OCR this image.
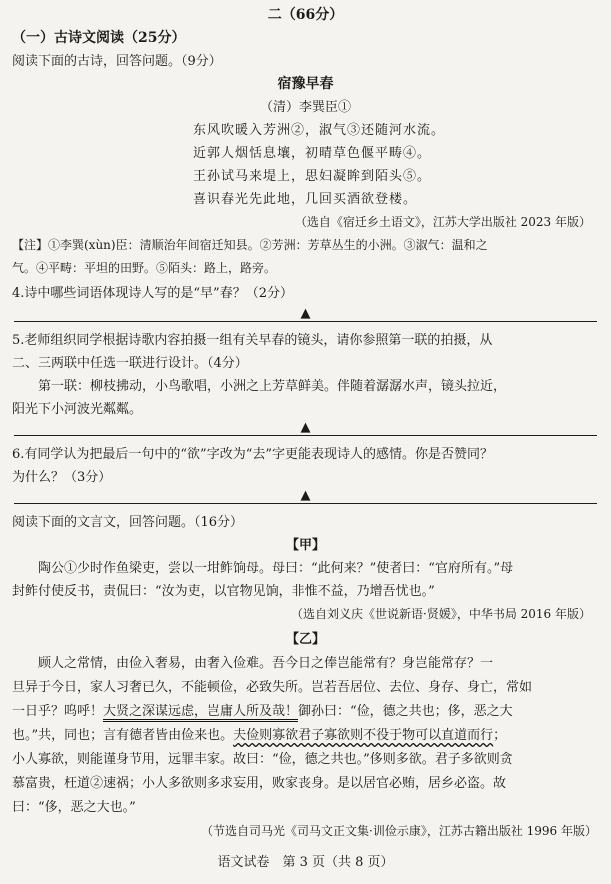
二（66分）
（一）古诗文阅读（25分）
阅读下面的古诗，回答问题。（9分）
宿豫早春
（清）李巽臣①
东风吹暖入芳洲②，淑气③还随河水流。
近郭人烟恬息壤，初晴草色偃平畴④。
王孙试马来堤上，思妇凝眸到陌头⑤。
喜识春光先此地，几回买酒欲登楼。
（选自《宿迁乡土语文》，江苏大学出版社 2023 年版）
【注】①李巽(xùn)臣：清顺治年间宿迁知县。②芳洲：芳草丛生的小洲。③淑气：温和之
气。④平畴：平坦的田野。⑤陌头：路上，路旁。
4.诗中哪些词语体现诗人写的是“早”春？（2分）
▲
5.老师组织同学根据诗歌内容拍摄一组有关早春的镜头，请你参照第一联的拍摄，从
二、三两联中任选一联进行设计。（4分）
第一联：柳枝拂动，小鸟歌唱，小洲之上芳草鲜美。伴随着潺潺水声，镜头拉近，
阳光下小河波光粼粼。
▲
6.有同学认为把最后一句中的“欲”字改为“去”字更能表现诗人的感情。你是否赞同？
为什么？（3分）
▲
阅读下面的文言文，回答问题。（16分）
【甲】
陶公①少时作鱼梁吏，尝以一坩鲊饷母。母曰：“此何来？”使者曰：“官府所有。”母
封鲊付使反书，责侃曰：“汝为吏，以官物见饷，非惟不益，乃增吾忧也。”
（选自刘义庆《世说新语·贤媛》，中华书局 2016 年版）
【乙】
顾人之常情，由俭入奢易，由奢入俭难。吾今日之俸岂能常有？身岂能常存？一
旦异于今日，家人习奢已久，不能顿俭，必致失所。岂若吾居位、去位、身存、身亡，常如
一日乎？呜呼！大贤之深谋远虑，岂庸人所及哉！御孙曰：“俭，德之共也；侈，恶之大
也。”共，同也；言有德者皆由俭来也。夫俭则寡欲君子寡欲则不役于物可以直道而行；
小人寡欲，则能谨身节用，远罪丰家。故曰：“俭，德之共也。”侈则多欲。君子多欲则贪
慕富贵，枉道②速祸；小人多欲则多求妄用，败家丧身。是以居官必贿，居乡必盗。故
曰：“侈，恶之大也。”
（节选自司马光《司马文正文集·训俭示康》，江苏古籍出版社 1996 年版）
语文试卷　第 3 页（共 8 页）
